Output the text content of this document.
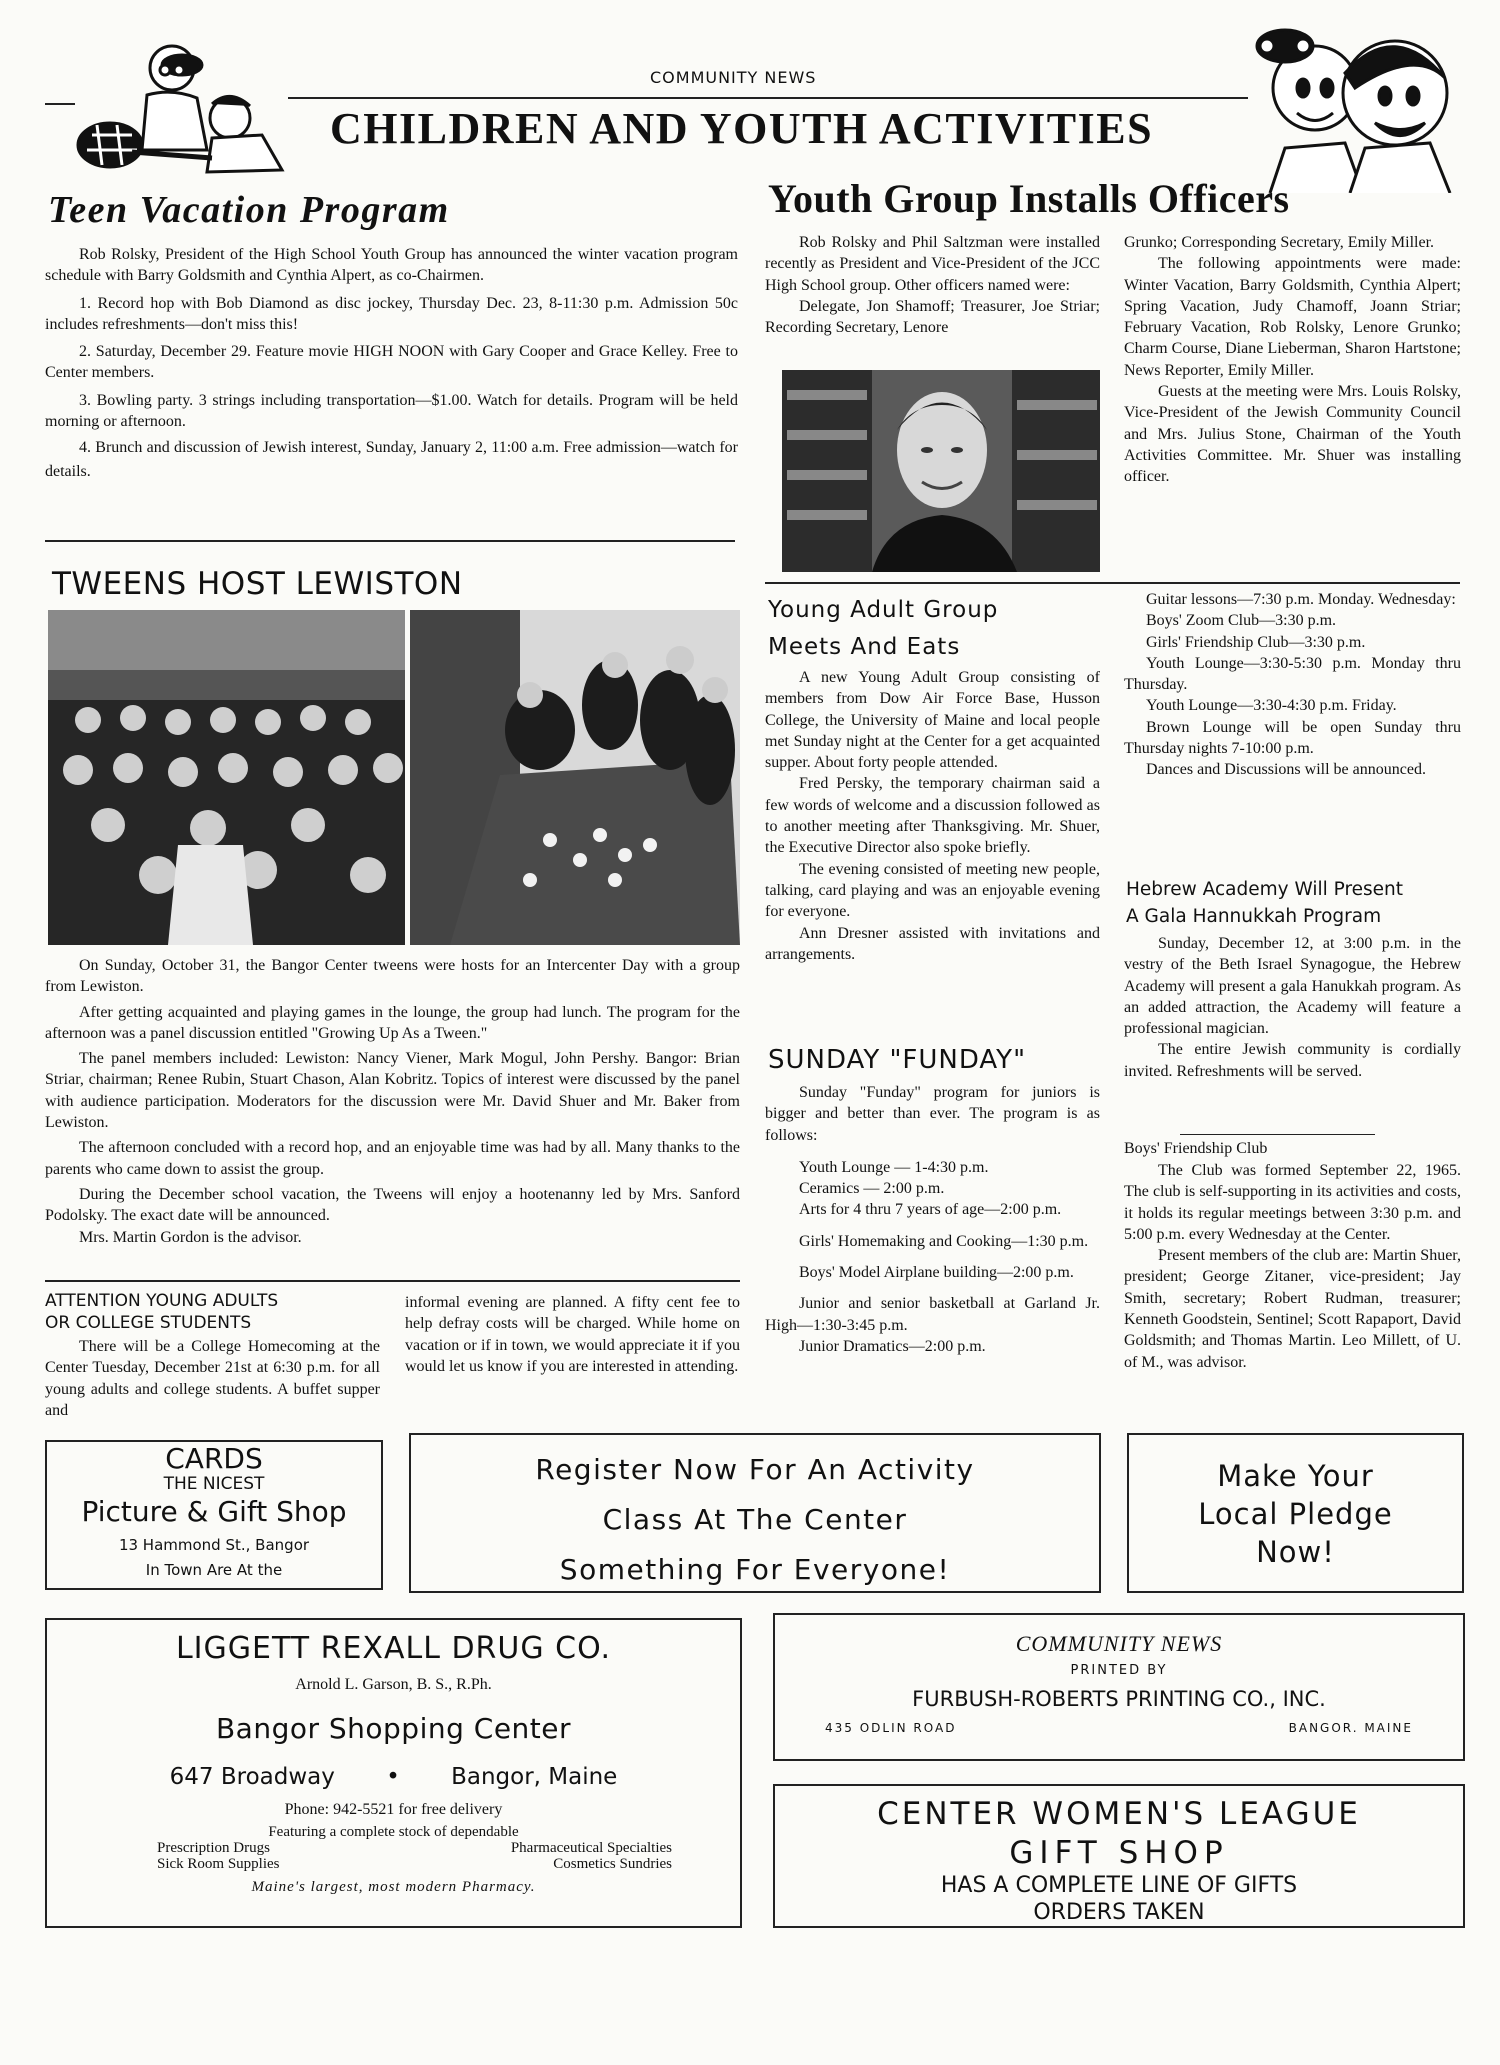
COMMUNITY NEWS
CHILDREN AND YOUTH ACTIVITIES
Teen Vacation Program

Rob Rolsky, President of the High School Youth Group has announced the winter vacation program schedule with Barry Goldsmith and Cynthia Alpert, as co-Chairmen.

1. Record hop with Bob Diamond as disc jockey, Thursday Dec. 23, 8-11:30 p.m. Admission 50c includes refreshments—don't miss this!

2. Saturday, December 29. Feature movie HIGH NOON with Gary Cooper and Grace Kelley. Free to Center members.

3. Bowling party. 3 strings including transportation—$1.00. Watch for details. Program will be held morning or afternoon.

4. Brunch and discussion of Jewish interest, Sunday, January 2, 11:00 a.m. Free admission—watch for details.

Youth Group Installs Officers

Rob Rolsky and Phil Saltzman were installed recently as President and Vice-President of the JCC High School group. Other officers named were:

Delegate, Jon Shamoff; Treasurer, Joe Striar; Recording Secretary, Lenore

Grunko; Corresponding Secretary, Emily Miller.

The following appointments were made: Winter Vacation, Barry Goldsmith, Cynthia Alpert; Spring Vacation, Judy Chamoff, Joann Striar; February Vacation, Rob Rolsky, Lenore Grunko; Charm Course, Diane Lieberman, Sharon Hartstone; News Reporter, Emily Miller.

Guests at the meeting were Mrs. Louis Rolsky, Vice-President of the Jewish Community Council and Mrs. Julius Stone, Chairman of the Youth Activities Committee. Mr. Shuer was installing officer.

TWEENS HOST LEWISTON

On Sunday, October 31, the Bangor Center tweens were hosts for an Intercenter Day with a group from Lewiston.

After getting acquainted and playing games in the lounge, the group had lunch. The program for the afternoon was a panel discussion entitled "Growing Up As a Tween."

The panel members included: Lewiston: Nancy Viener, Mark Mogul, John Pershy. Bangor: Brian Striar, chairman; Renee Rubin, Stuart Chason, Alan Kobritz. Topics of interest were discussed by the panel with audience participation. Moderators for the discussion were Mr. David Shuer and Mr. Baker from Lewiston.

The afternoon concluded with a record hop, and an enjoyable time was had by all. Many thanks to the parents who came down to assist the group.

During the December school vacation, the Tweens will enjoy a hootenanny led by Mrs. Sanford Podolsky. The exact date will be announced.

Mrs. Martin Gordon is the advisor.

ATTENTION YOUNG ADULTS
OR COLLEGE STUDENTS

There will be a College Homecoming at the Center Tuesday, December 21st at 6:30 p.m. for all young adults and college students. A buffet supper and

informal evening are planned. A fifty cent fee to help defray costs will be charged. While home on vacation or if in town, we would appreciate it if you would let us know if you are interested in attending.

Young Adult Group
Meets And Eats

A new Young Adult Group consisting of members from Dow Air Force Base, Husson College, the University of Maine and local people met Sunday night at the Center for a get acquainted supper. About forty people attended.

Fred Persky, the temporary chairman said a few words of welcome and a discussion followed as to another meeting after Thanksgiving. Mr. Shuer, the Executive Director also spoke briefly.

The evening consisted of meeting new people, talking, card playing and was an enjoyable evening for everyone.

Ann Dresner assisted with invitations and arrangements.

SUNDAY "FUNDAY"

Sunday "Funday" program for juniors is bigger and better than ever. The program is as follows:

Youth Lounge — 1-4:30 p.m.

Ceramics — 2:00 p.m.

Arts for 4 thru 7 years of age—2:00 p.m.

Girls' Homemaking and Cooking—1:30 p.m.

Boys' Model Airplane building—2:00 p.m.

Junior and senior basketball at Garland Jr. High—1:30-3:45 p.m.

Junior Dramatics—2:00 p.m.

Guitar lessons—7:30 p.m. Monday. Wednesday:

Boys' Zoom Club—3:30 p.m.

Girls' Friendship Club—3:30 p.m.

Youth Lounge—3:30-5:30 p.m. Monday thru Thursday.

Youth Lounge—3:30-4:30 p.m. Friday.

Brown Lounge will be open Sunday thru Thursday nights 7-10:00 p.m.

Dances and Discussions will be announced.

Hebrew Academy Will Present
A Gala Hannukkah Program

Sunday, December 12, at 3:00 p.m. in the vestry of the Beth Israel Synagogue, the Hebrew Academy will present a gala Hanukkah program. As an added attraction, the Academy will feature a professional magician.

The entire Jewish community is cordially invited. Refreshments will be served.

Boys' Friendship Club

The Club was formed September 22, 1965. The club is self-supporting in its activities and costs, it holds its regular meetings between 3:30 p.m. and 5:00 p.m. every Wednesday at the Center.

Present members of the club are: Martin Shuer, president; George Zitaner, vice-president; Jay Smith, secretary; Robert Rudman, treasurer; Kenneth Goodstein, Sentinel; Scott Rapaport, David Goldsmith; and Thomas Martin. Leo Millett, of U. of M., was advisor.

CARDS
THE NICEST
Picture & Gift Shop
13 Hammond St., Bangor
In Town Are At the
Register Now For An Activity
Class At The Center
Something For Everyone!
Make Your
Local Pledge
Now!
LIGGETT REXALL DRUG CO.
Arnold L. Garson, B. S., R.Ph.
Bangor Shopping Center
647 Broadway • Bangor, Maine
Phone: 942-5521 for free delivery
Featuring a complete stock of dependable
Prescription Drugs
Sick Room Supplies
Pharmaceutical Specialties
Cosmetics Sundries
Maine's largest, most modern Pharmacy.
COMMUNITY NEWS
PRINTED BY
FURBUSH-ROBERTS PRINTING CO., INC.
435 ODLIN ROAD	BANGOR. MAINE
CENTER WOMEN'S LEAGUE
GIFT SHOP
HAS A COMPLETE LINE OF GIFTS
ORDERS TAKEN
